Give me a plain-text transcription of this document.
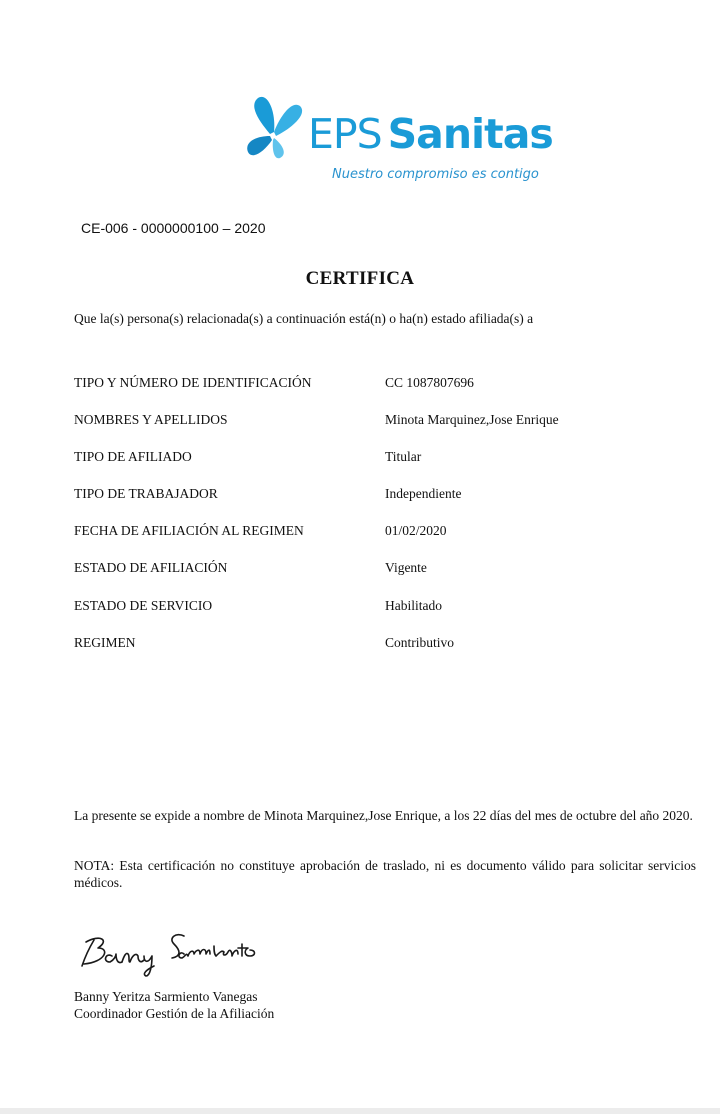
EPS Sanitas
Nuestro compromiso es contigo
CE-006 - 0000000100 – 2020
CERTIFICA
Que la(s) persona(s) relacionada(s) a continuación está(n) o ha(n) estado afiliada(s) a
TIPO Y NÚMERO DE IDENTIFICACIÓN	CC 1087807696
NOMBRES Y APELLIDOS	Minota Marquinez,Jose Enrique
TIPO DE AFILIADO	Titular
TIPO DE TRABAJADOR	Independiente
FECHA DE AFILIACIÓN AL REGIMEN	01/02/2020
ESTADO DE AFILIACIÓN	Vigente
ESTADO DE SERVICIO	Habilitado
REGIMEN	Contributivo
La presente se expide a nombre de Minota Marquinez,Jose Enrique, a los 22 días del mes de octubre del año 2020.
NOTA: Esta certificación no constituye aprobación de traslado, ni es documento válido para solicitar servicios médicos.
Banny Yeritza Sarmiento Vanegas
Coordinador Gestión de la Afiliación
